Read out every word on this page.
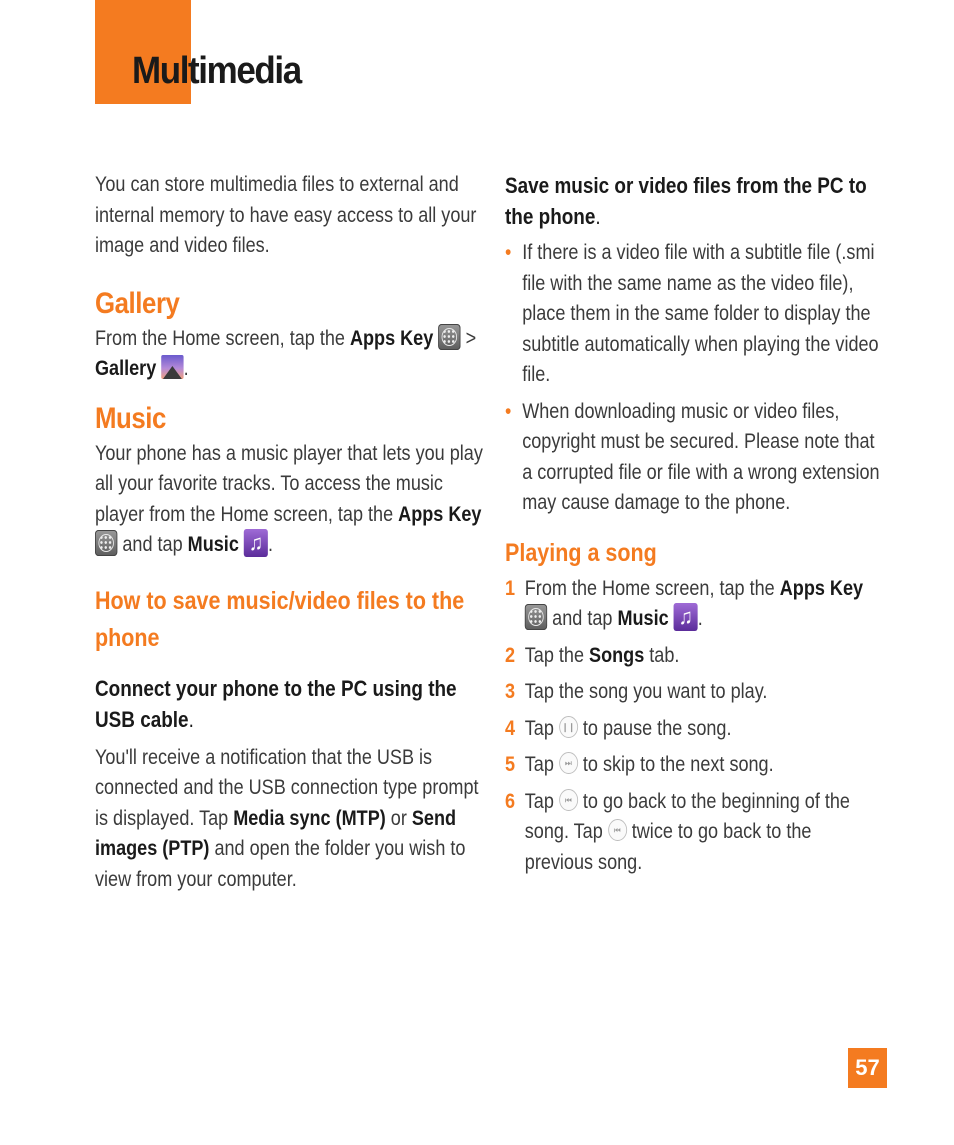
Multimedia

You can store multimedia files to external and internal memory to have easy access to all your image and video files.

Gallery

From the Home screen, tap the Apps Key > Gallery .

Music

Your phone has a music player that lets you play all your favorite tracks. To access the music player from the Home screen, tap the Apps Key  and tap Music ♫ .

How to save music/video files to the phone

Connect your phone to the PC using the USB cable.

You'll receive a notification that the USB is connected and the USB connection type prompt is displayed. Tap Media sync (MTP) or Send images (PTP) and open the folder you wish to view from your computer.

Save music or video files from the PC to the phone.

• If there is a video file with a subtitle file (.smi file with the same name as the video file), place them in the same folder to display the subtitle automatically when playing the video file.
• When downloading music or video files, copyright must be secured. Please note that a corrupted file or file with a wrong extension may cause damage to the phone.
Playing a song
1 From the Home screen, tap the Apps Key  and tap Music ♫ .
2 Tap the Songs tab.
3 Tap the song you want to play.
4 Tap ❙❙ to pause the song.
5 Tap ⏭ to skip to the next song.
6 Tap ⏮ to go back to the beginning of the song. Tap ⏮ twice to go back to the previous song.
57
